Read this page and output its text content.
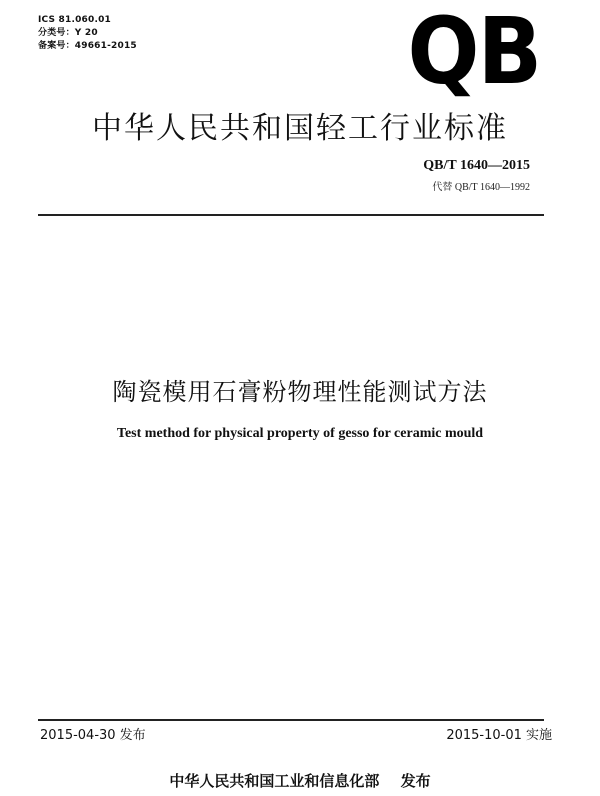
ICS 81.060.01
分类号：Y 20
备案号：49661-2015	QB
中华人民共和国轻工行业标准
QB/T 1640—2015
代替 QB/T 1640—1992
陶瓷模用石膏粉物理性能测试方法
Test method for physical property of gesso for ceramic mould
2015-04-30 发布	2015-10-01 实施
中华人民共和国工业和信息化部 发布
